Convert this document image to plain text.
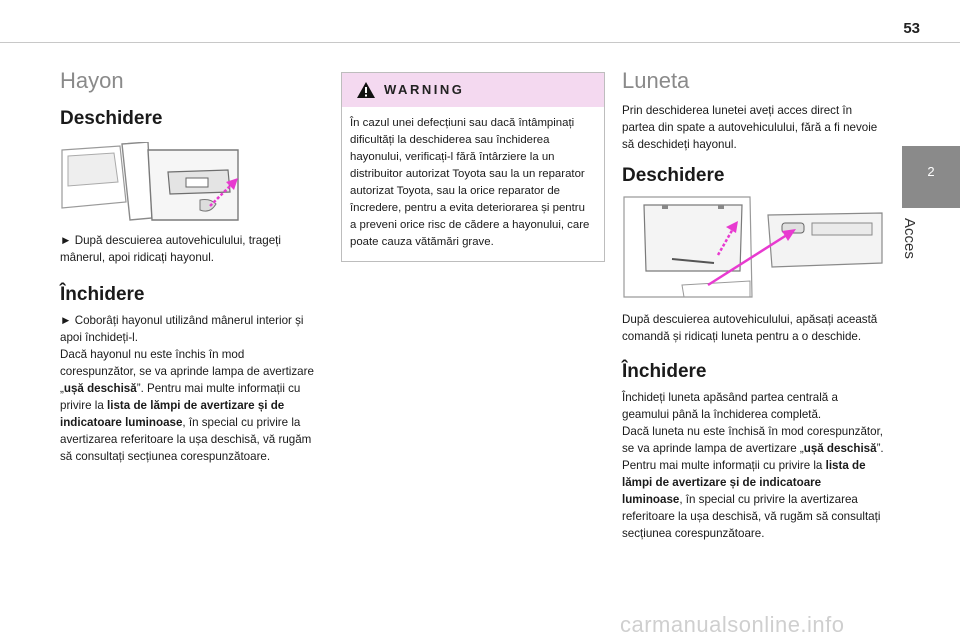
53
2
Acces
Hayon
Deschidere

► După descuierea autovehiculului, trageți mânerul, apoi ridicați hayonul.

Închidere

► Coborâți hayonul utilizând mânerul interior și apoi închideți-l.

Dacă hayonul nu este închis în mod corespunzător, se va aprinde lampa de avertizare „ușă deschisă”. Pentru mai multe informații cu privire la lista de lămpi de avertizare și de indicatoare luminoase, în special cu privire la avertizarea referitoare la ușa deschisă, vă rugăm să consultați secțiunea corespunzătoare.

WARNING
În cazul unei defecțiuni sau dacă întâmpinați dificultăți la deschiderea sau închiderea hayonului, verificați-l fără întârziere la un distribuitor autorizat Toyota sau la un reparator autorizat Toyota, sau la orice reparator de încredere, pentru a evita deteriorarea și pentru a preveni orice risc de cădere a hayonului, care poate cauza vătămări grave.
Luneta

Prin deschiderea lunetei aveți acces direct în partea din spate a autovehiculului, fără a fi nevoie să deschideți hayonul.

Deschidere

După descuierea autovehiculului, apăsați această comandă și ridicați luneta pentru a o deschide.

Închidere

Închideți luneta apăsând partea centrală a geamului până la închiderea completă.

Dacă luneta nu este închisă în mod corespunzător, se va aprinde lampa de avertizare „ușă deschisă”. Pentru mai multe informații cu privire la lista de lămpi de avertizare și de indicatoare luminoase, în special cu privire la avertizarea referitoare la ușa deschisă, vă rugăm să consultați secțiunea corespunzătoare.

carmanualsonline.info
